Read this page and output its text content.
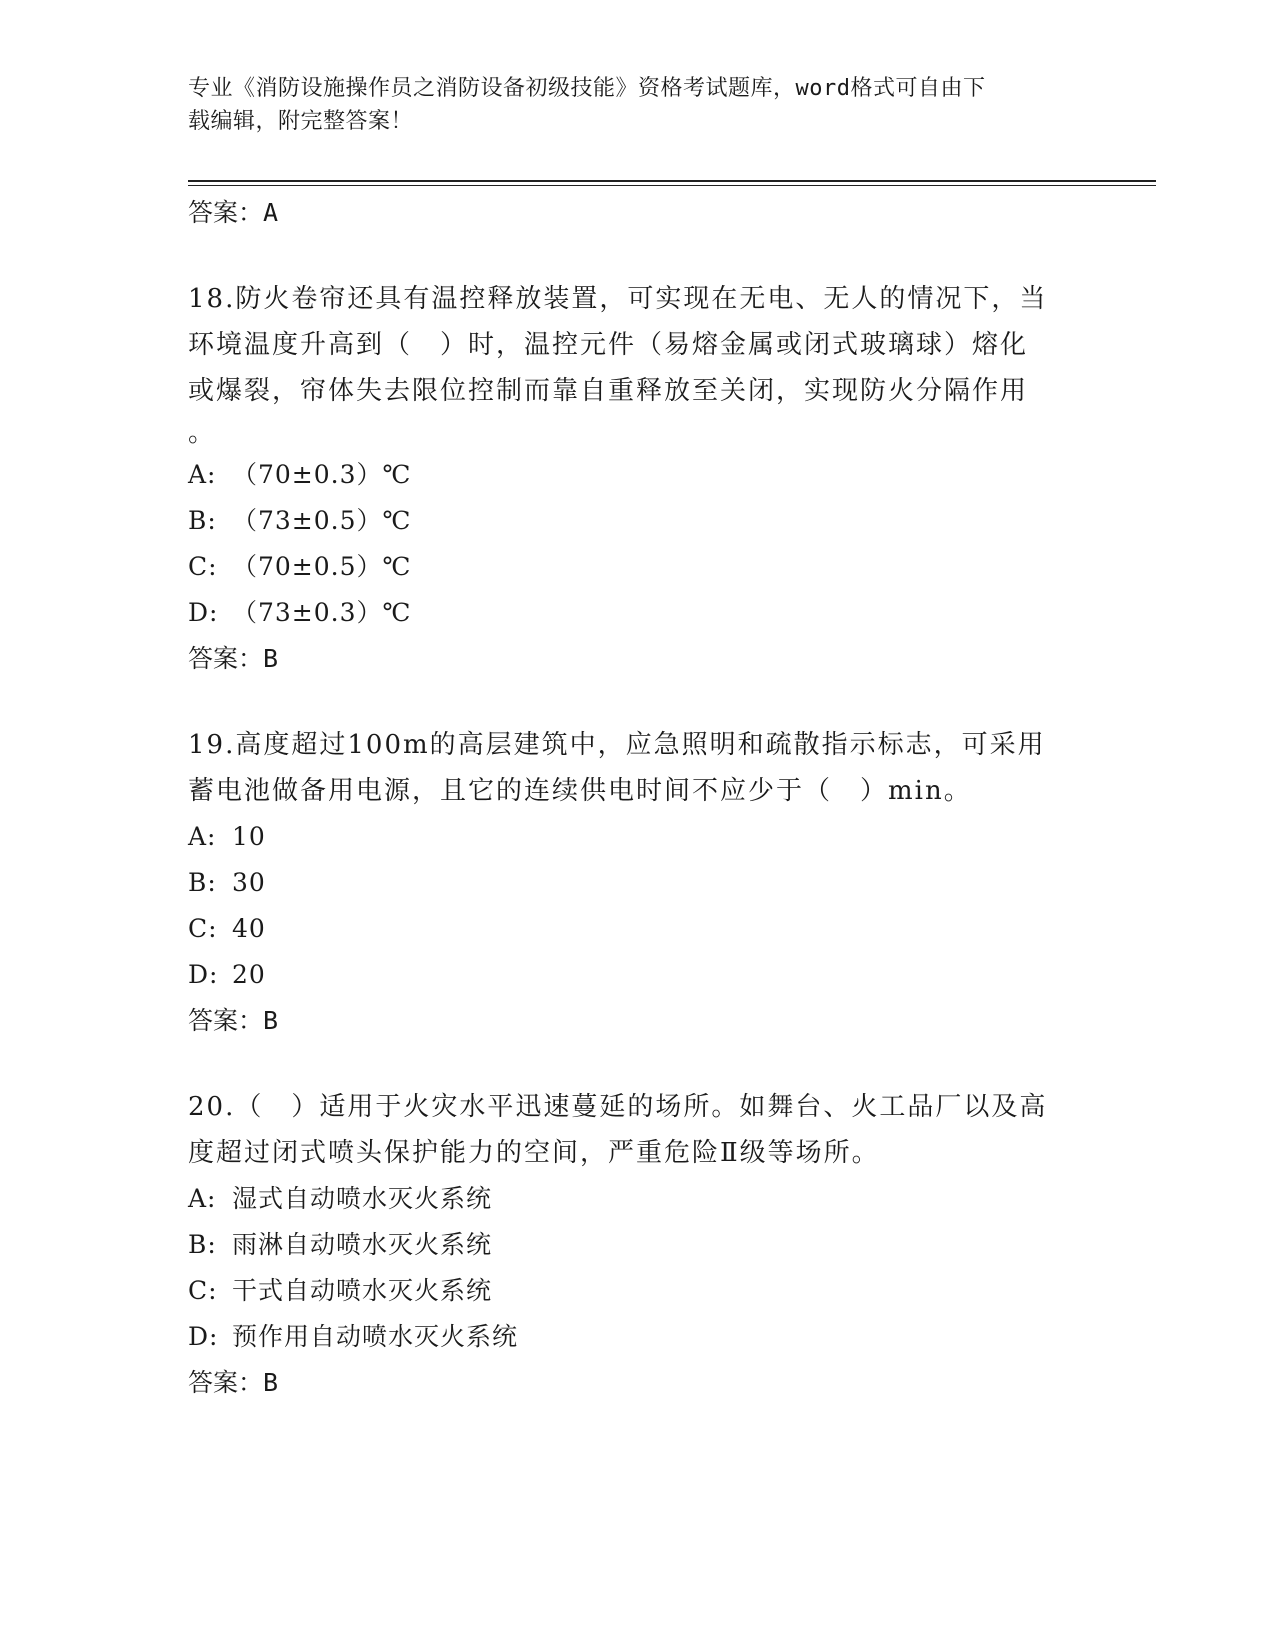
专业《消防设施操作员之消防设备初级技能》资格考试题库，word格式可自由下
载编辑，附完整答案！
答案：A
18.防火卷帘还具有温控释放装置，可实现在无电、无人的情况下，当
环境温度升高到（　）时，温控元件（易熔金属或闭式玻璃球）熔化
或爆裂，帘体失去限位控制而靠自重释放至关闭，实现防火分隔作用
。
A: （70±0.3）℃
B: （73±0.5）℃
C: （70±0.5）℃
D: （73±0.3）℃
答案：B
19.高度超过100m的高层建筑中，应急照明和疏散指示标志，可采用
蓄电池做备用电源，且它的连续供电时间不应少于（　）min。
A: 10
B: 30
C: 40
D: 20
答案：B
20.（　）适用于火灾水平迅速蔓延的场所。如舞台、火工品厂以及高
度超过闭式喷头保护能力的空间，严重危险Ⅱ级等场所。
A: 湿式自动喷水灭火系统
B: 雨淋自动喷水灭火系统
C: 干式自动喷水灭火系统
D: 预作用自动喷水灭火系统
答案：B
